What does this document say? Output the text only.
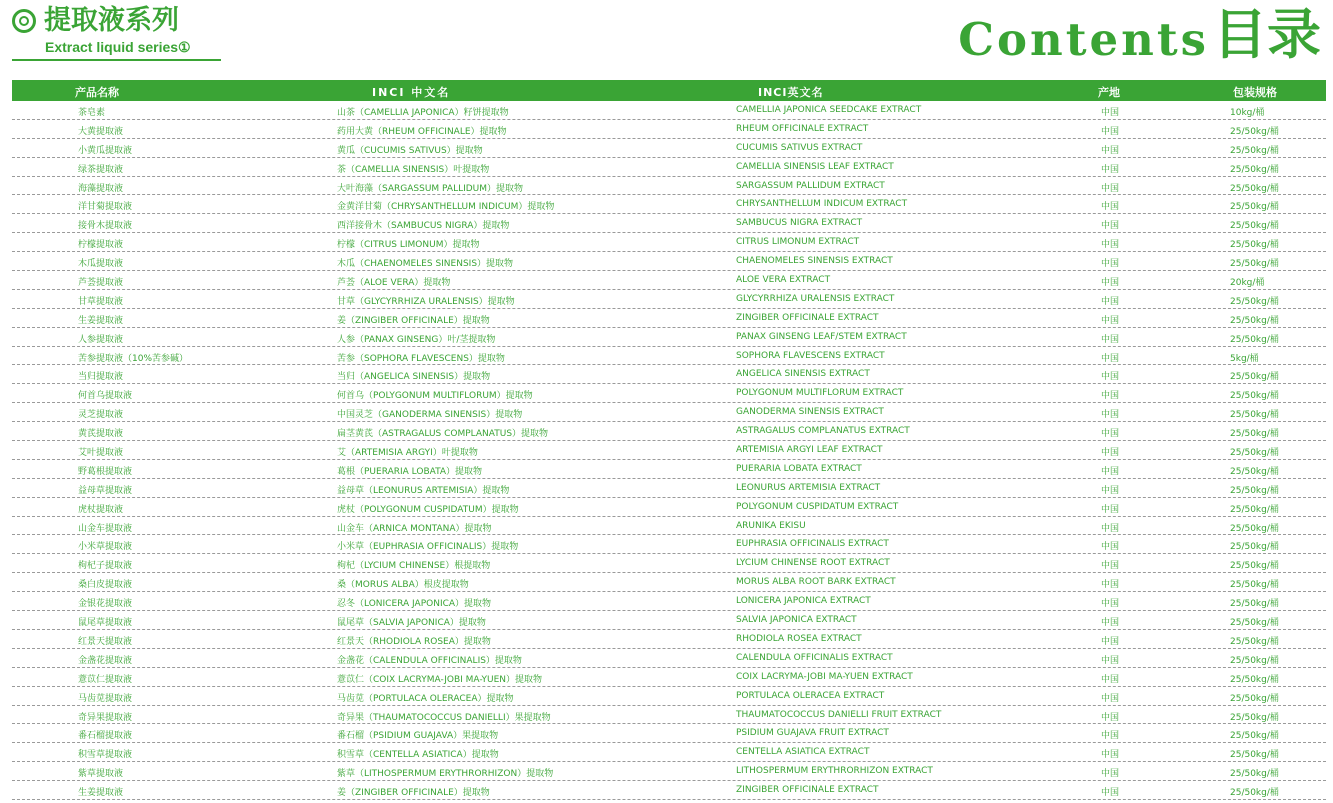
提取液系列
Extract liquid series①	Contents 目录
产品名称	INCI 中文名	INCI英文名	产地	包装规格
茶皂素	山茶（CAMELLIA JAPONICA）籽饼提取物	CAMELLIA JAPONICA SEEDCAKE EXTRACT	中国	10kg/桶
大黄提取液	药用大黄（RHEUM OFFICINALE）提取物	RHEUM OFFICINALE EXTRACT	中国	25/50kg/桶
小黄瓜提取液	黄瓜（CUCUMIS SATIVUS）提取物	CUCUMIS SATIVUS EXTRACT	中国	25/50kg/桶
绿茶提取液	茶（CAMELLIA SINENSIS）叶提取物	CAMELLIA SINENSIS LEAF EXTRACT	中国	25/50kg/桶
海藻提取液	大叶海藻（SARGASSUM PALLIDUM）提取物	SARGASSUM PALLIDUM EXTRACT	中国	25/50kg/桶
洋甘菊提取液	金黄洋甘菊（CHRYSANTHELLUM INDICUM）提取物	CHRYSANTHELLUM INDICUM EXTRACT	中国	25/50kg/桶
接骨木提取液	西洋接骨木（SAMBUCUS NIGRA）提取物	SAMBUCUS NIGRA EXTRACT	中国	25/50kg/桶
柠檬提取液	柠檬（CITRUS LIMONUM）提取物	CITRUS LIMONUM EXTRACT	中国	25/50kg/桶
木瓜提取液	木瓜（CHAENOMELES SINENSIS）提取物	CHAENOMELES SINENSIS EXTRACT	中国	25/50kg/桶
芦荟提取液	芦荟（ALOE VERA）提取物	ALOE VERA EXTRACT	中国	20kg/桶
甘草提取液	甘草（GLYCYRRHIZA URALENSIS）提取物	GLYCYRRHIZA URALENSIS EXTRACT	中国	25/50kg/桶
生姜提取液	姜（ZINGIBER OFFICINALE）提取物	ZINGIBER OFFICINALE EXTRACT	中国	25/50kg/桶
人参提取液	人参（PANAX GINSENG）叶/茎提取物	PANAX GINSENG LEAF/STEM EXTRACT	中国	25/50kg/桶
苦参提取液（10%苦参碱）	苦参（SOPHORA FLAVESCENS）提取物	SOPHORA FLAVESCENS EXTRACT	中国	5kg/桶
当归提取液	当归（ANGELICA SINENSIS）提取物	ANGELICA SINENSIS EXTRACT	中国	25/50kg/桶
何首乌提取液	何首乌（POLYGONUM MULTIFLORUM）提取物	POLYGONUM MULTIFLORUM EXTRACT	中国	25/50kg/桶
灵芝提取液	中国灵芝（GANODERMA SINENSIS）提取物	GANODERMA SINENSIS EXTRACT	中国	25/50kg/桶
黄芪提取液	扁茎黄芪（ASTRAGALUS COMPLANATUS）提取物	ASTRAGALUS COMPLANATUS EXTRACT	中国	25/50kg/桶
艾叶提取液	艾（ARTEMISIA ARGYI）叶提取物	ARTEMISIA ARGYI LEAF EXTRACT	中国	25/50kg/桶
野葛根提取液	葛根（PUERARIA LOBATA）提取物	PUERARIA LOBATA EXTRACT	中国	25/50kg/桶
益母草提取液	益母草（LEONURUS ARTEMISIA）提取物	LEONURUS ARTEMISIA EXTRACT	中国	25/50kg/桶
虎杖提取液	虎杖（POLYGONUM CUSPIDATUM）提取物	POLYGONUM CUSPIDATUM EXTRACT	中国	25/50kg/桶
山金车提取液	山金车（ARNICA MONTANA）提取物	ARUNIKA EKISU	中国	25/50kg/桶
小米草提取液	小米草（EUPHRASIA OFFICINALIS）提取物	EUPHRASIA OFFICINALIS EXTRACT	中国	25/50kg/桶
枸杞子提取液	枸杞（LYCIUM CHINENSE）根提取物	LYCIUM CHINENSE ROOT EXTRACT	中国	25/50kg/桶
桑白皮提取液	桑（MORUS ALBA）根皮提取物	MORUS ALBA ROOT BARK EXTRACT	中国	25/50kg/桶
金银花提取液	忍冬（LONICERA JAPONICA）提取物	LONICERA JAPONICA EXTRACT	中国	25/50kg/桶
鼠尾草提取液	鼠尾草（SALVIA JAPONICA）提取物	SALVIA JAPONICA EXTRACT	中国	25/50kg/桶
红景天提取液	红景天（RHODIOLA ROSEA）提取物	RHODIOLA ROSEA EXTRACT	中国	25/50kg/桶
金盏花提取液	金盏花（CALENDULA OFFICINALIS）提取物	CALENDULA OFFICINALIS EXTRACT	中国	25/50kg/桶
薏苡仁提取液	薏苡仁（COIX LACRYMA-JOBI MA-YUEN）提取物	COIX LACRYMA-JOBI MA-YUEN EXTRACT	中国	25/50kg/桶
马齿苋提取液	马齿苋（PORTULACA OLERACEA）提取物	PORTULACA OLERACEA EXTRACT	中国	25/50kg/桶
奇异果提取液	奇异果（THAUMATOCOCCUS DANIELLI）果提取物	THAUMATOCOCCUS DANIELLI FRUIT EXTRACT	中国	25/50kg/桶
番石榴提取液	番石榴（PSIDIUM GUAJAVA）果提取物	PSIDIUM GUAJAVA FRUIT EXTRACT	中国	25/50kg/桶
积雪草提取液	积雪草（CENTELLA ASIATICA）提取物	CENTELLA ASIATICA EXTRACT	中国	25/50kg/桶
紫草提取液	紫草（LITHOSPERMUM ERYTHRORHIZON）提取物	LITHOSPERMUM ERYTHRORHIZON EXTRACT	中国	25/50kg/桶
生姜提取液	姜（ZINGIBER OFFICINALE）提取物	ZINGIBER OFFICINALE EXTRACT	中国	25/50kg/桶
